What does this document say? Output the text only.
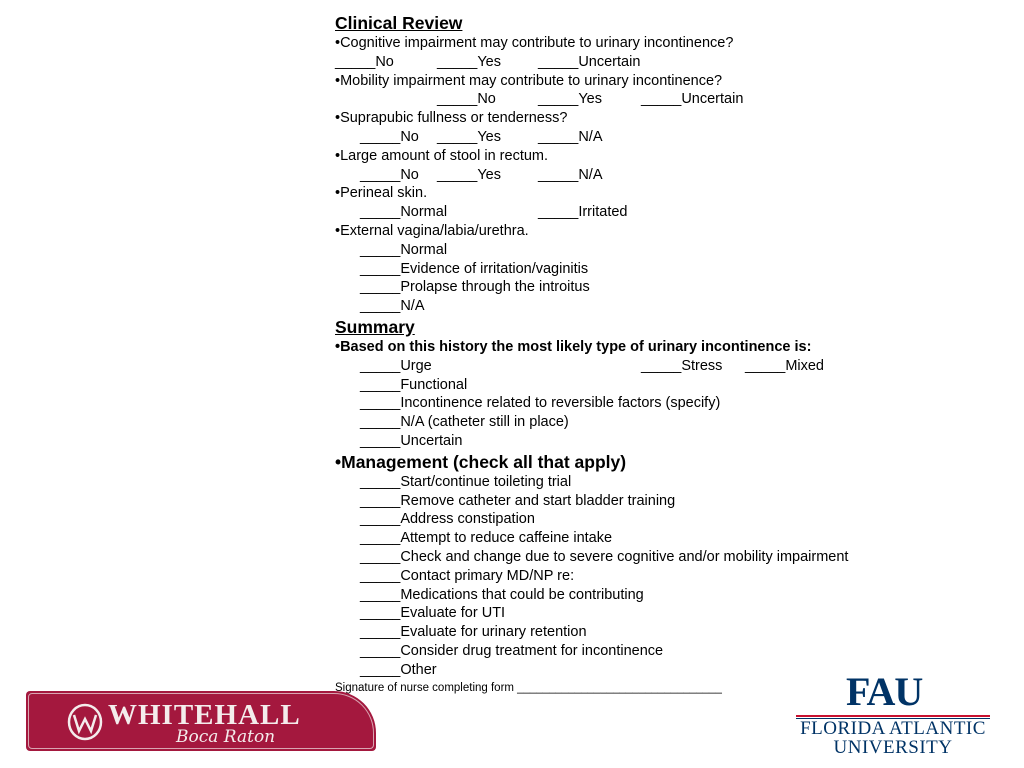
Clinical Review
•Cognitive impairment may contribute to urinary incontinence?
_____No	_____Yes	_____Uncertain
•Mobility impairment may contribute to urinary incontinence?
_____No	_____Yes	_____Uncertain
•Suprapubic fullness or tenderness?
_____No _____Yes	_____N/A
•Large amount of stool in rectum.
_____No _____Yes	_____N/A
•Perineal skin.
_____Normal	_____Irritated
•External vagina/labia/urethra.
_____Normal
_____Evidence of irritation/vaginitis
_____Prolapse through the introitus
_____N/A
Summary
•Based on this history the most likely type of urinary incontinence is:
_____Urge	_____Stress _____Mixed
_____Functional
_____Incontinence related to reversible factors (specify)
_____N/A (catheter still in place)
_____Uncertain
•Management (check all that apply)
_____Start/continue toileting trial
_____Remove catheter and start bladder training
_____Address constipation
_____Attempt to reduce caffeine intake
_____Check and change due to severe cognitive and/or mobility impairment
_____Contact primary MD/NP re:
_____Medications that could be contributing
_____Evaluate for UTI
_____Evaluate for urinary retention
_____Consider drug treatment for incontinence
_____Other
Signature of nurse completing form ________________________________
WHITEHALL
Boca Raton
FAU
FLORIDA ATLANTIC
UNIVERSITY
